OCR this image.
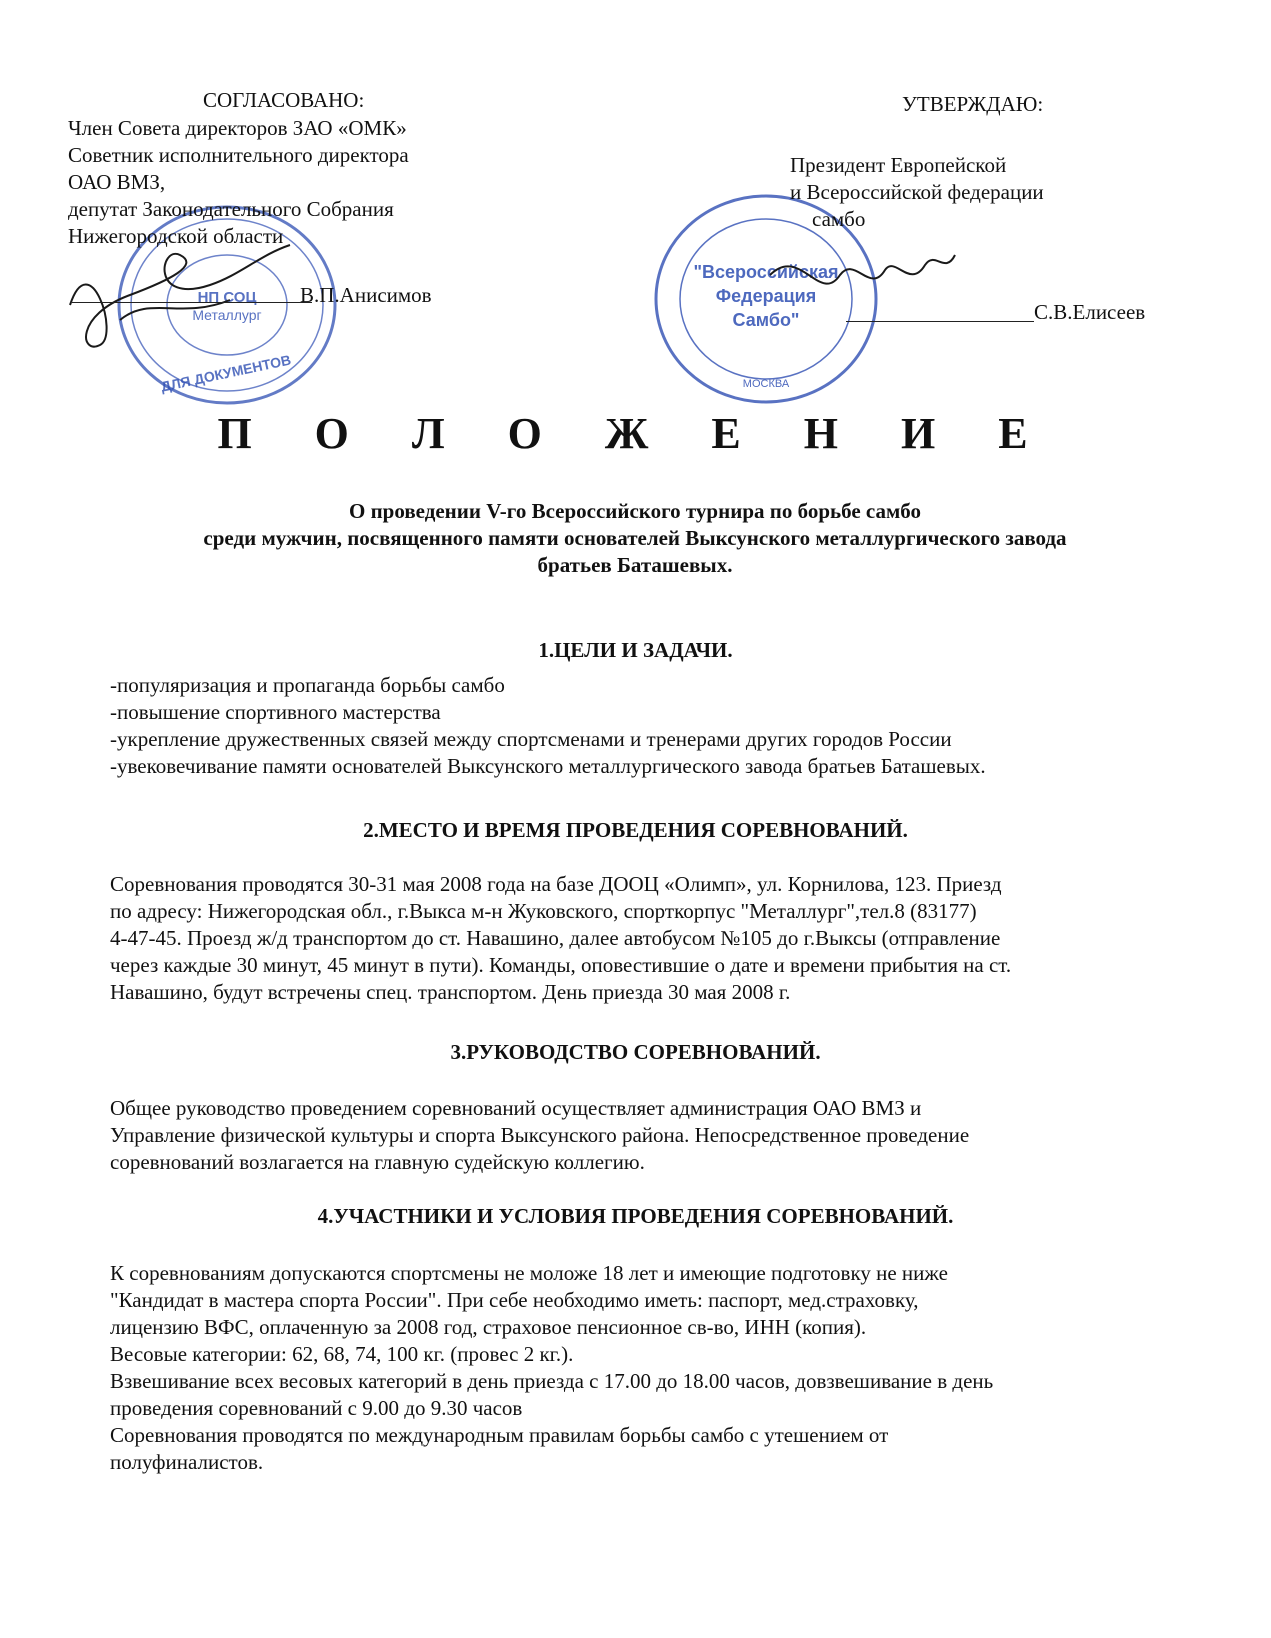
НП СОЦ
Металлург
ДЛЯ ДОКУМЕНТОВ
"Всероссийская
Федерация
Самбо"
МОСКВА
СОГЛАСОВАНО:
Член Совета директоров ЗАО «ОМК»
Советник исполнительного директора
ОАО ВМЗ,
депутат Законодательного Собрания
Нижегородской области
В.П.Анисимов
УТВЕРЖДАЮ:
Президент Европейской
и Всероссийской федерации
самбо
С.В.Елисеев
П О Л О Ж Е Н И Е
О проведении V-го Всероссийского турнира по борьбе самбо
среди мужчин, посвященного памяти основателей Выксунского металлургического завода
братьев Баташевых.
1.ЦЕЛИ И ЗАДАЧИ.
-популяризация и пропаганда борьбы самбо
-повышение спортивного мастерства
-укрепление дружественных связей между спортсменами и тренерами других городов России
-увековечивание памяти основателей Выксунского металлургического завода братьев Баташевых.
2.МЕСТО И ВРЕМЯ ПРОВЕДЕНИЯ СОРЕВНОВАНИЙ.
Соревнования проводятся 30-31 мая 2008 года на базе ДООЦ «Олимп», ул. Корнилова, 123. Приезд
по адресу: Нижегородская обл., г.Выкса м-н Жуковского, спорткорпус "Металлург",тел.8 (83177)
4-47-45. Проезд ж/д транспортом до ст. Навашино, далее автобусом №105 до г.Выксы (отправление
через каждые 30 минут, 45 минут в пути). Команды, оповестившие о дате и времени прибытия на ст.
Навашино, будут встречены спец. транспортом. День приезда 30 мая 2008 г.
3.РУКОВОДСТВО СОРЕВНОВАНИЙ.
Общее руководство проведением соревнований осуществляет администрация ОАО ВМЗ и
Управление физической культуры и спорта Выксунского района. Непосредственное проведение
соревнований возлагается на главную судейскую коллегию.
4.УЧАСТНИКИ И УСЛОВИЯ ПРОВЕДЕНИЯ СОРЕВНОВАНИЙ.
К соревнованиям допускаются спортсмены не моложе 18 лет и имеющие подготовку не ниже
"Кандидат в мастера спорта России". При себе необходимо иметь: паспорт, мед.страховку,
лицензию ВФС, оплаченную за 2008 год, страховое пенсионное св-во, ИНН (копия).
Весовые категории: 62, 68, 74, 100 кг. (провес 2 кг.).
Взвешивание всех весовых категорий в день приезда с 17.00 до 18.00 часов, довзвешивание в день
проведения соревнований с 9.00 до 9.30 часов
Соревнования проводятся по международным правилам борьбы самбо с утешением от
полуфиналистов.
